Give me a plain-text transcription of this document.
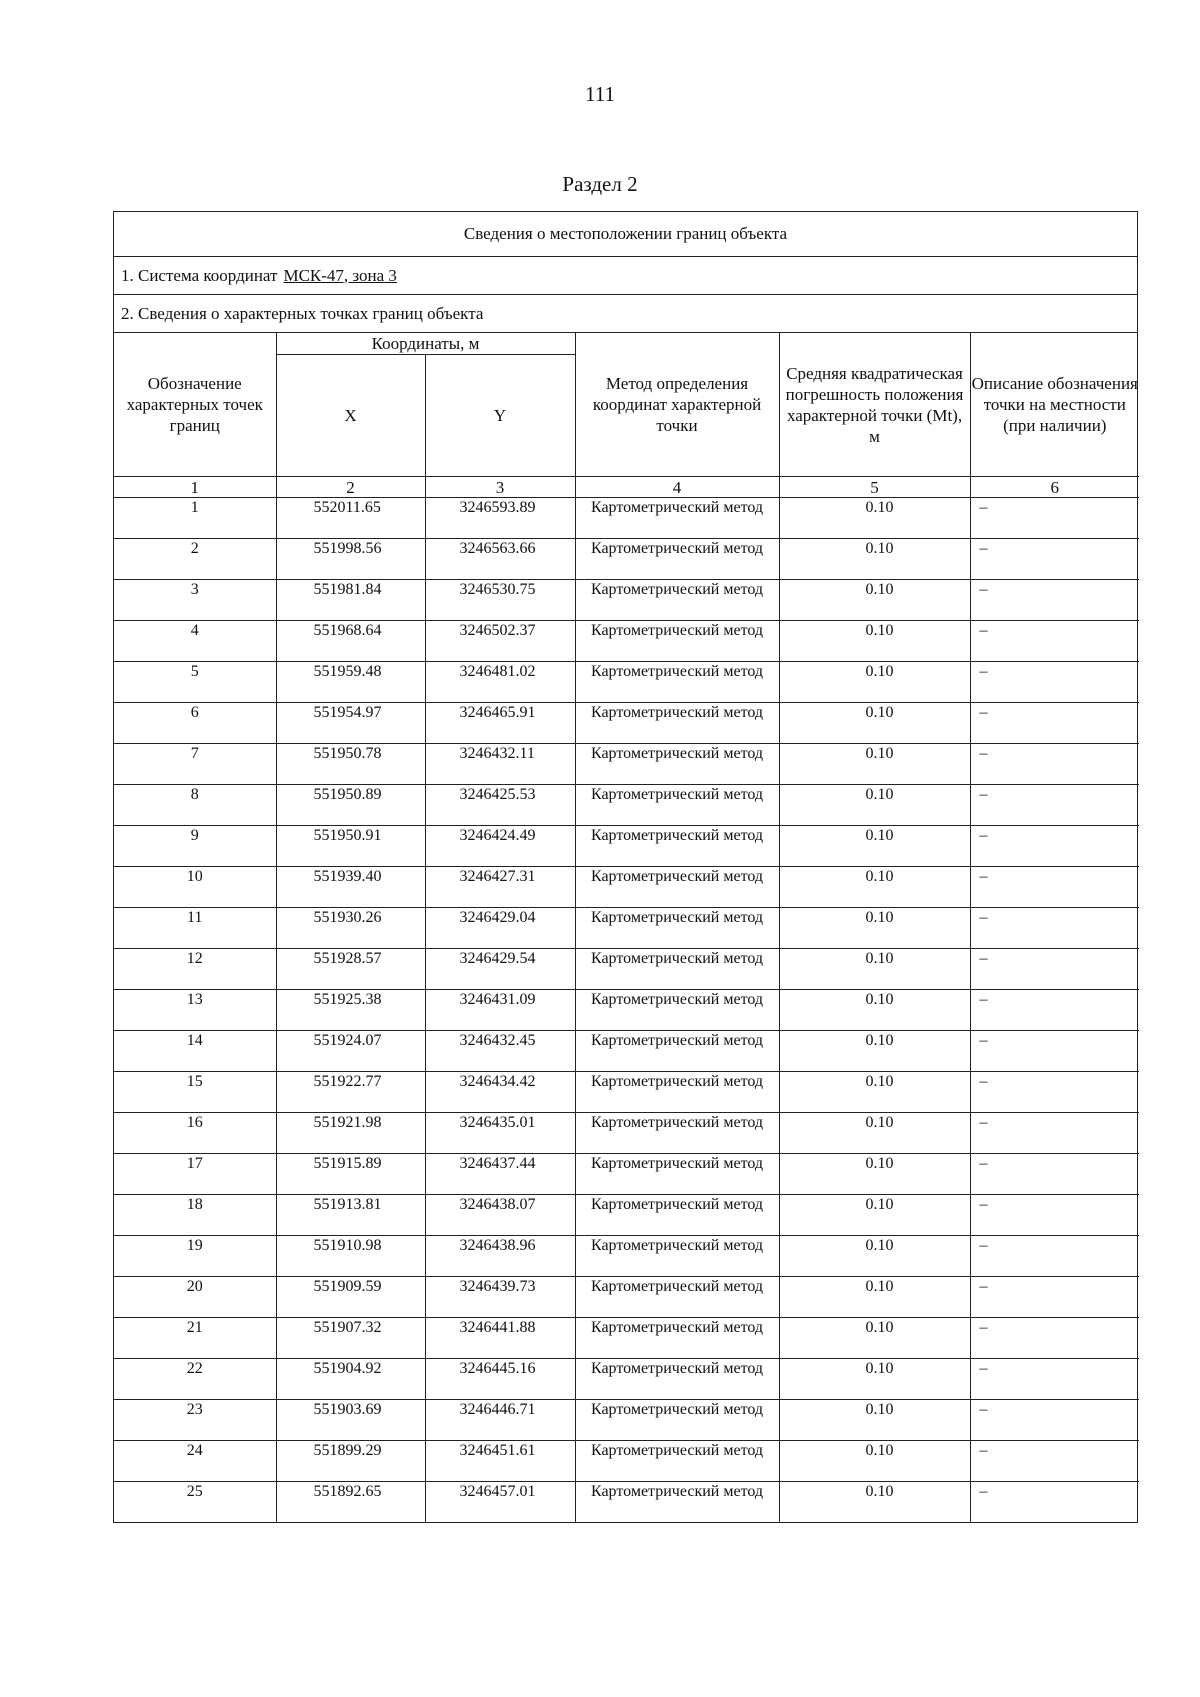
111
Раздел 2
Сведения о местоположении границ объекта
1. Система координат МСК-47, зона 3
2. Сведения о характерных точках границ объекта
Обозначение характерных точек границ	Координаты, м		Метод определения координат характерной точки	Средняя квадратическая погрешность положения характерной точки (Mt), м	Описание обозначения точки на местности (при наличии)
	X	Y			
1	2	3	4	5	6
1	552011.65	3246593.89	Картометрический метод	0.10	–
2	551998.56	3246563.66	Картометрический метод	0.10	–
3	551981.84	3246530.75	Картометрический метод	0.10	–
4	551968.64	3246502.37	Картометрический метод	0.10	–
5	551959.48	3246481.02	Картометрический метод	0.10	–
6	551954.97	3246465.91	Картометрический метод	0.10	–
7	551950.78	3246432.11	Картометрический метод	0.10	–
8	551950.89	3246425.53	Картометрический метод	0.10	–
9	551950.91	3246424.49	Картометрический метод	0.10	–
10	551939.40	3246427.31	Картометрический метод	0.10	–
11	551930.26	3246429.04	Картометрический метод	0.10	–
12	551928.57	3246429.54	Картометрический метод	0.10	–
13	551925.38	3246431.09	Картометрический метод	0.10	–
14	551924.07	3246432.45	Картометрический метод	0.10	–
15	551922.77	3246434.42	Картометрический метод	0.10	–
16	551921.98	3246435.01	Картометрический метод	0.10	–
17	551915.89	3246437.44	Картометрический метод	0.10	–
18	551913.81	3246438.07	Картометрический метод	0.10	–
19	551910.98	3246438.96	Картометрический метод	0.10	–
20	551909.59	3246439.73	Картометрический метод	0.10	–
21	551907.32	3246441.88	Картометрический метод	0.10	–
22	551904.92	3246445.16	Картометрический метод	0.10	–
23	551903.69	3246446.71	Картометрический метод	0.10	–
24	551899.29	3246451.61	Картометрический метод	0.10	–
25	551892.65	3246457.01	Картометрический метод	0.10	–
